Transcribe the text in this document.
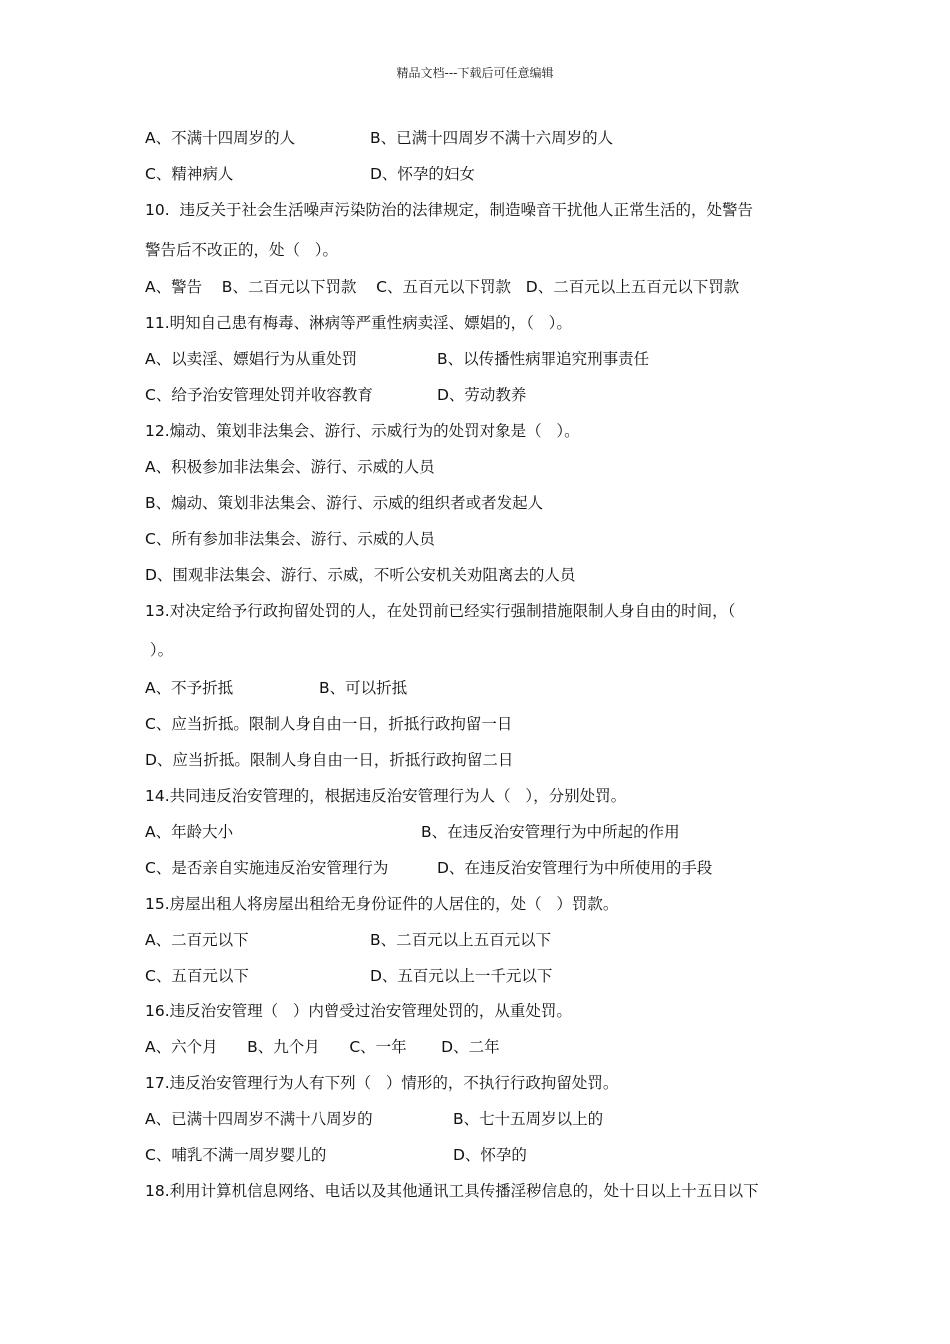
精品文档---下载后可任意编辑
A、不满十四周岁的人	B、已满十四周岁不满十六周岁的人
C、精神病人	D、怀孕的妇女
10.  违反关于社会生活噪声污染防治的法律规定，制造噪音干扰他人正常生活的，处警告
警告后不改正的，处（   ）。
A、警告    B、二百元以下罚款    C、五百元以下罚款   D、二百元以上五百元以下罚款
11.明知自己患有梅毒、淋病等严重性病卖淫、嫖娼的，（   ）。
A、以卖淫、嫖娼行为从重处罚	B、以传播性病罪追究刑事责任
C、给予治安管理处罚并收容教育	D、劳动教养
12.煽动、策划非法集会、游行、示威行为的处罚对象是（   ）。
A、积极参加非法集会、游行、示威的人员
B、煽动、策划非法集会、游行、示威的组织者或者发起人
C、所有参加非法集会、游行、示威的人员
D、围观非法集会、游行、示威，不听公安机关劝阻离去的人员
13.对决定给予行政拘留处罚的人，在处罚前已经实行强制措施限制人身自由的时间，（
）。
A、不予折抵	B、可以折抵
C、应当折抵。限制人身自由一日，折抵行政拘留一日
D、应当折抵。限制人身自由一日，折抵行政拘留二日
14.共同违反治安管理的，根据违反治安管理行为人（   ），分别处罚。
A、年龄大小	B、在违反治安管理行为中所起的作用
C、是否亲自实施违反治安管理行为	D、在违反治安管理行为中所使用的手段
15.房屋出租人将房屋出租给无身份证件的人居住的，处（   ）罚款。
A、二百元以下	B、二百元以上五百元以下
C、五百元以下	D、五百元以上一千元以下
16.违反治安管理（   ）内曾受过治安管理处罚的，从重处罚。
A、六个月      B、九个月      C、一年       D、二年
17.违反治安管理行为人有下列（   ）情形的，不执行行政拘留处罚。
A、已满十四周岁不满十八周岁的	B、七十五周岁以上的
C、哺乳不满一周岁婴儿的	D、怀孕的
18.利用计算机信息网络、电话以及其他通讯工具传播淫秽信息的，处十日以上十五日以下
